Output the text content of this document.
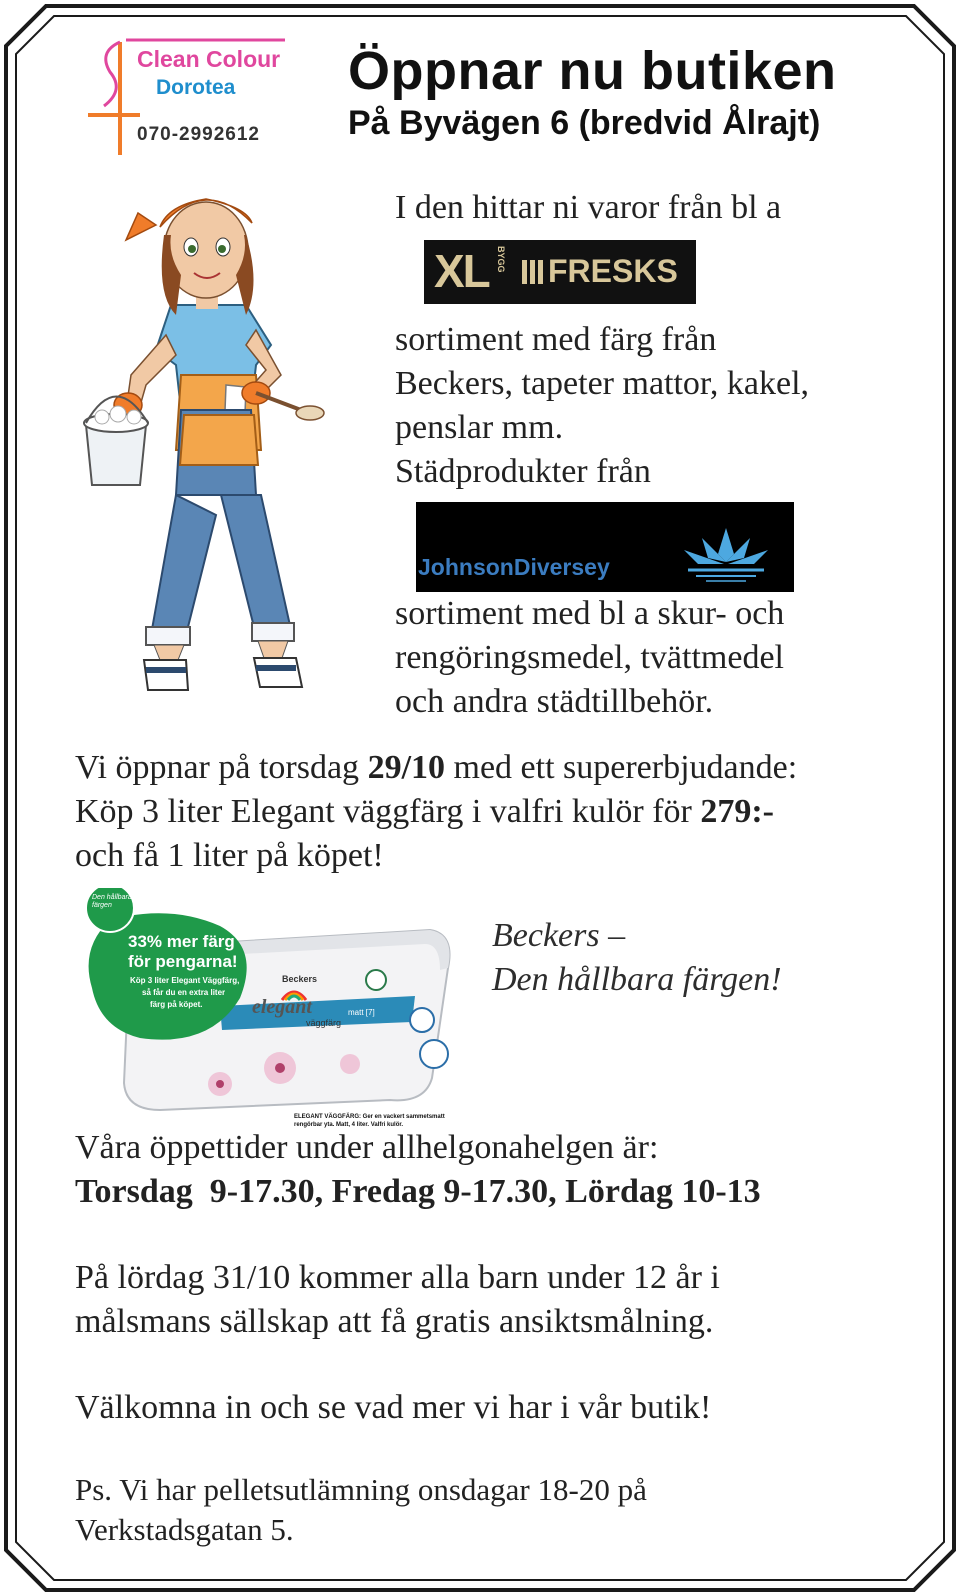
Clean Colour
Dorotea
070-2992612
Öppnar nu butiken
På Byvägen 6 (bredvid Ålrajt)
I den hittar ni varor från bl a
XL BYGG FRESKS
sortiment med färg från
Beckers, tapeter mattor, kakel,
penslar mm.
Städprodukter från
JohnsonDiversey
sortiment med bl a skur- och
rengöringsmedel, tvättmedel
och andra städtillbehör.
Vi öppnar på torsdag 29/10 med ett supererbjudande:
Köp 3 liter Elegant väggfärg i valfri kulör för 279:-
och få 1 liter på köpet!
Den hållbara färgen
33% mer färg
för pengarna!
Köp 3 liter Elegant Väggfärg,
så får du en extra liter
färg på köpet.
Beckers
elegant
väggfärg
matt [7]
ELEGANT VÄGGFÄRG: Ger en vackert sammetsmatt
rengörbar yta. Matt, 4 liter. Valfri kulör.
Beckers –
Den hållbara färgen!
Våra öppettider under allhelgonahelgen är:
Torsdag  9-17.30, Fredag 9-17.30, Lördag 10-13
På lördag 31/10 kommer alla barn under 12 år i
målsmans sällskap att få gratis ansiktsmålning.
Välkomna in och se vad mer vi har i vår butik!
Ps. Vi har pelletsutlämning onsdagar 18-20 på
Verkstadsgatan 5.
